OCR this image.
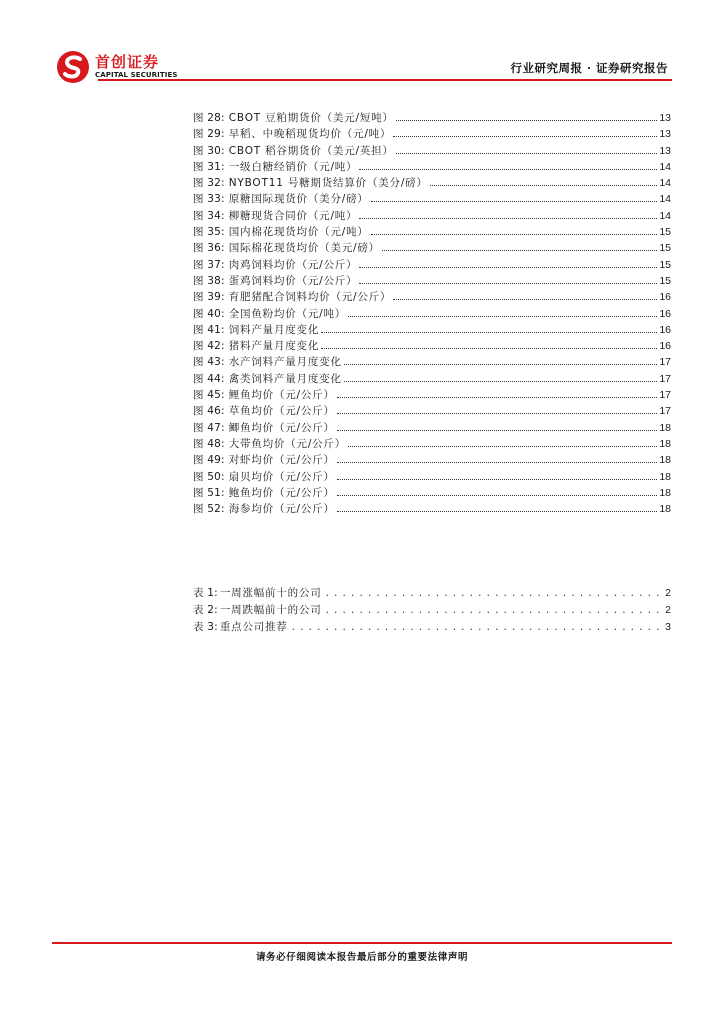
首创证券
CAPITAL SECURITIES	行业研究周报 · 证券研究报告
图 28: CBOT 豆粕期货价（美元/短吨）	13
图 29: 早稻、中晚稻现货均价（元/吨）	13
图 30: CBOT 稻谷期货价（美元/英担）	13
图 31: 一级白糖经销价（元/吨）	14
图 32: NYBOT11 号糖期货结算价（美分/磅）	14
图 33: 原糖国际现货价（美分/磅）	14
图 34: 柳糖现货合同价（元/吨）	14
图 35: 国内棉花现货均价（元/吨）	15
图 36: 国际棉花现货均价（美元/磅）	15
图 37: 肉鸡饲料均价（元/公斤）	15
图 38: 蛋鸡饲料均价（元/公斤）	15
图 39: 育肥猪配合饲料均价（元/公斤）	16
图 40: 全国鱼粉均价（元/吨）	16
图 41: 饲料产量月度变化	16
图 42: 猪料产量月度变化	16
图 43: 水产饲料产量月度变化	17
图 44: 禽类饲料产量月度变化	17
图 45: 鲤鱼均价（元/公斤）	17
图 46: 草鱼均价（元/公斤）	17
图 47: 鲫鱼均价（元/公斤）	18
图 48: 大带鱼均价（元/公斤）	18
图 49: 对虾均价（元/公斤）	18
图 50: 扇贝均价（元/公斤）	18
图 51: 鲍鱼均价（元/公斤）	18
图 52: 海参均价（元/公斤）	18
表 1: 一周涨幅前十的公司 . . .	2
表 2: 一周跌幅前十的公司 . . .	2
表 3: 重点公司推荐 . . .	3
请务必仔细阅读本报告最后部分的重要法律声明
